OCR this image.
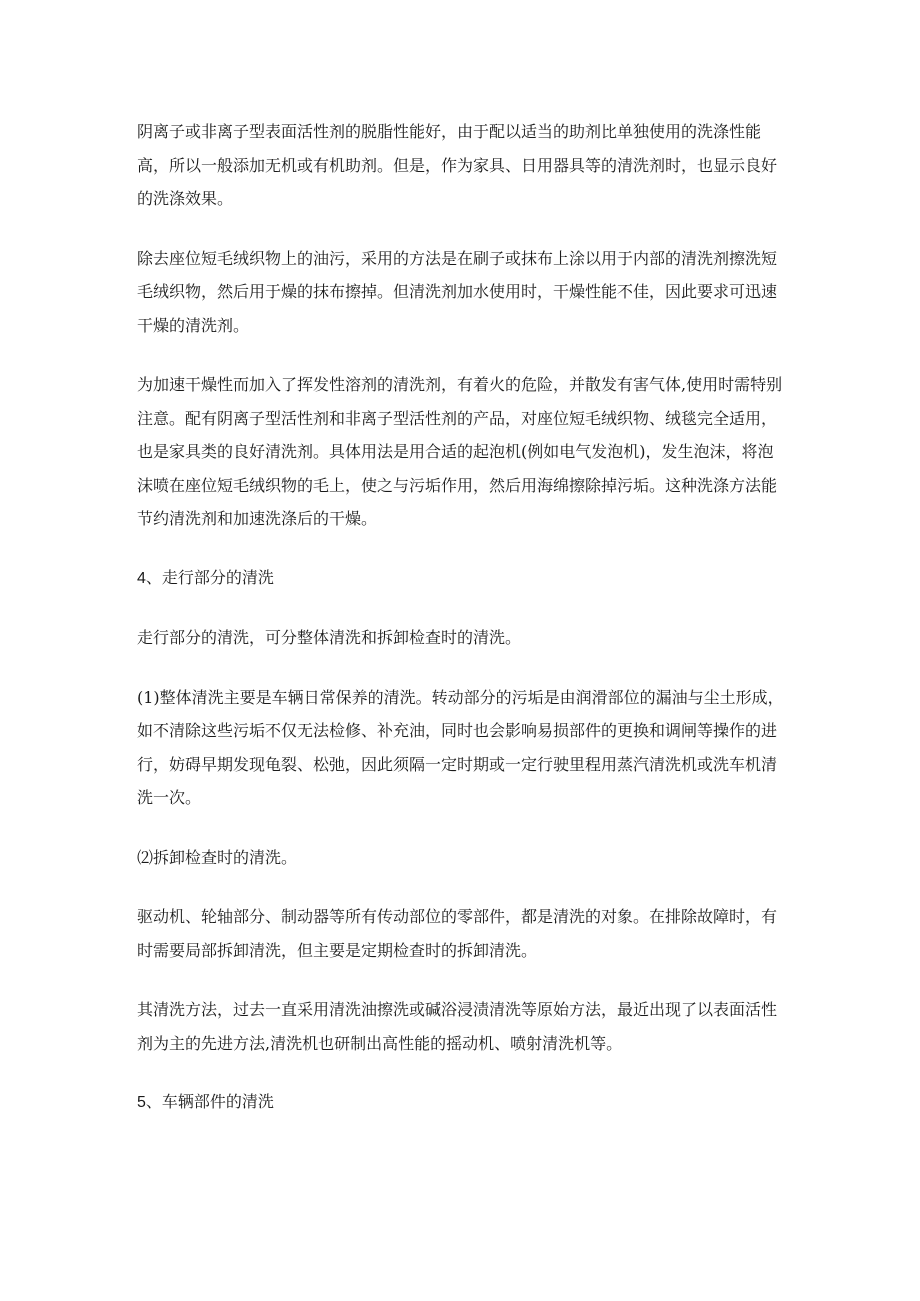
阴离子或非离子型表面活性剂的脱脂性能好，由于配以适当的助剂比单独使用的洗涤性能高，所以一般添加无机或有机助剂。但是，作为家具、日用器具等的清洗剂时，也显示良好的洗涤效果。

除去座位短毛绒织物上的油污，采用的方法是在刷子或抹布上涂以用于内部的清洗剂擦洗短毛绒织物，然后用于燥的抹布擦掉。但清洗剂加水使用时，干燥性能不佳，因此要求可迅速干燥的清洗剂。

为加速干燥性而加入了挥发性溶剂的清洗剂，有着火的危险，并散发有害气体,使用时需特别注意。配有阴离子型活性剂和非离子型活性剂的产品，对座位短毛绒织物、绒毯完全适用，也是家具类的良好清洗剂。具体用法是用合适的起泡机(例如电气发泡机)，发生泡沫，将泡沫喷在座位短毛绒织物的毛上，使之与污垢作用，然后用海绵擦除掉污垢。这种洗涤方法能节约清洗剂和加速洗涤后的干燥。

4、走行部分的清洗

走行部分的清洗，可分整体清洗和拆卸检查时的清洗。

(1)整体清洗主要是车辆日常保养的清洗。转动部分的污垢是由润滑部位的漏油与尘土形成，如不清除这些污垢不仅无法检修、补充油，同时也会影响易损部件的更换和调闸等操作的进行，妨碍早期发现龟裂、松弛，因此须隔一定时期或一定行驶里程用蒸汽清洗机或洗车机清洗一次。

⑵拆卸检查时的清洗。

驱动机、轮轴部分、制动器等所有传动部位的零部件，都是清洗的对象。在排除故障时，有时需要局部拆卸清洗，但主要是定期检查时的拆卸清洗。

其清洗方法，过去一直采用清洗油擦洗或碱浴浸渍清洗等原始方法，最近出现了以表面活性剂为主的先进方法,清洗机也研制出高性能的摇动机、喷射清洗机等。

5、车辆部件的清洗
